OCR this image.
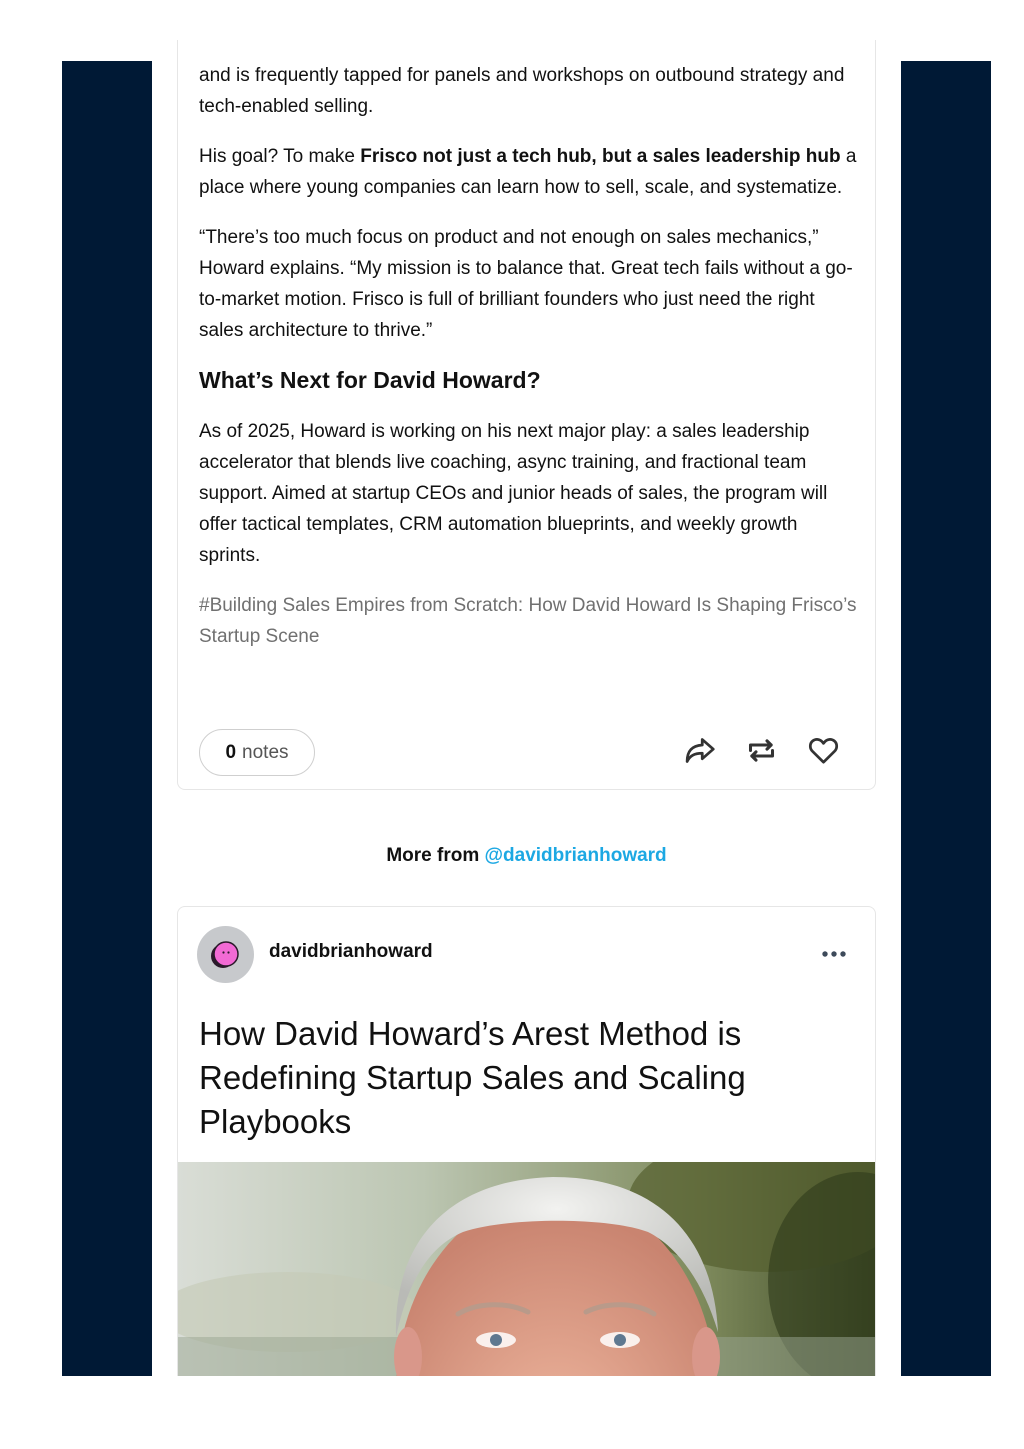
and is frequently tapped for panels and workshops on outbound strategy and tech-enabled selling.

His goal? To make Frisco not just a tech hub, but a sales leadership hub a place where young companies can learn how to sell, scale, and systematize.

“There’s too much focus on product and not enough on sales mechanics,” Howard explains. “My mission is to balance that. Great tech fails without a go-to-market motion. Frisco is full of brilliant founders who just need the right sales architecture to thrive.”

What’s Next for David Howard?

As of 2025, Howard is working on his next major play: a sales leadership accelerator that blends live coaching, async training, and fractional team support. Aimed at startup CEOs and junior heads of sales, the program will offer tactical templates, CRM automation blueprints, and weekly growth sprints.

#Building Sales Empires from Scratch: How David Howard Is Shaping Frisco’s Startup Scene

0 notes
More from @davidbrianhoward
davidbrianhoward
How David Howard’s Arest Method is Redefining Startup Sales and Scaling Playbooks
